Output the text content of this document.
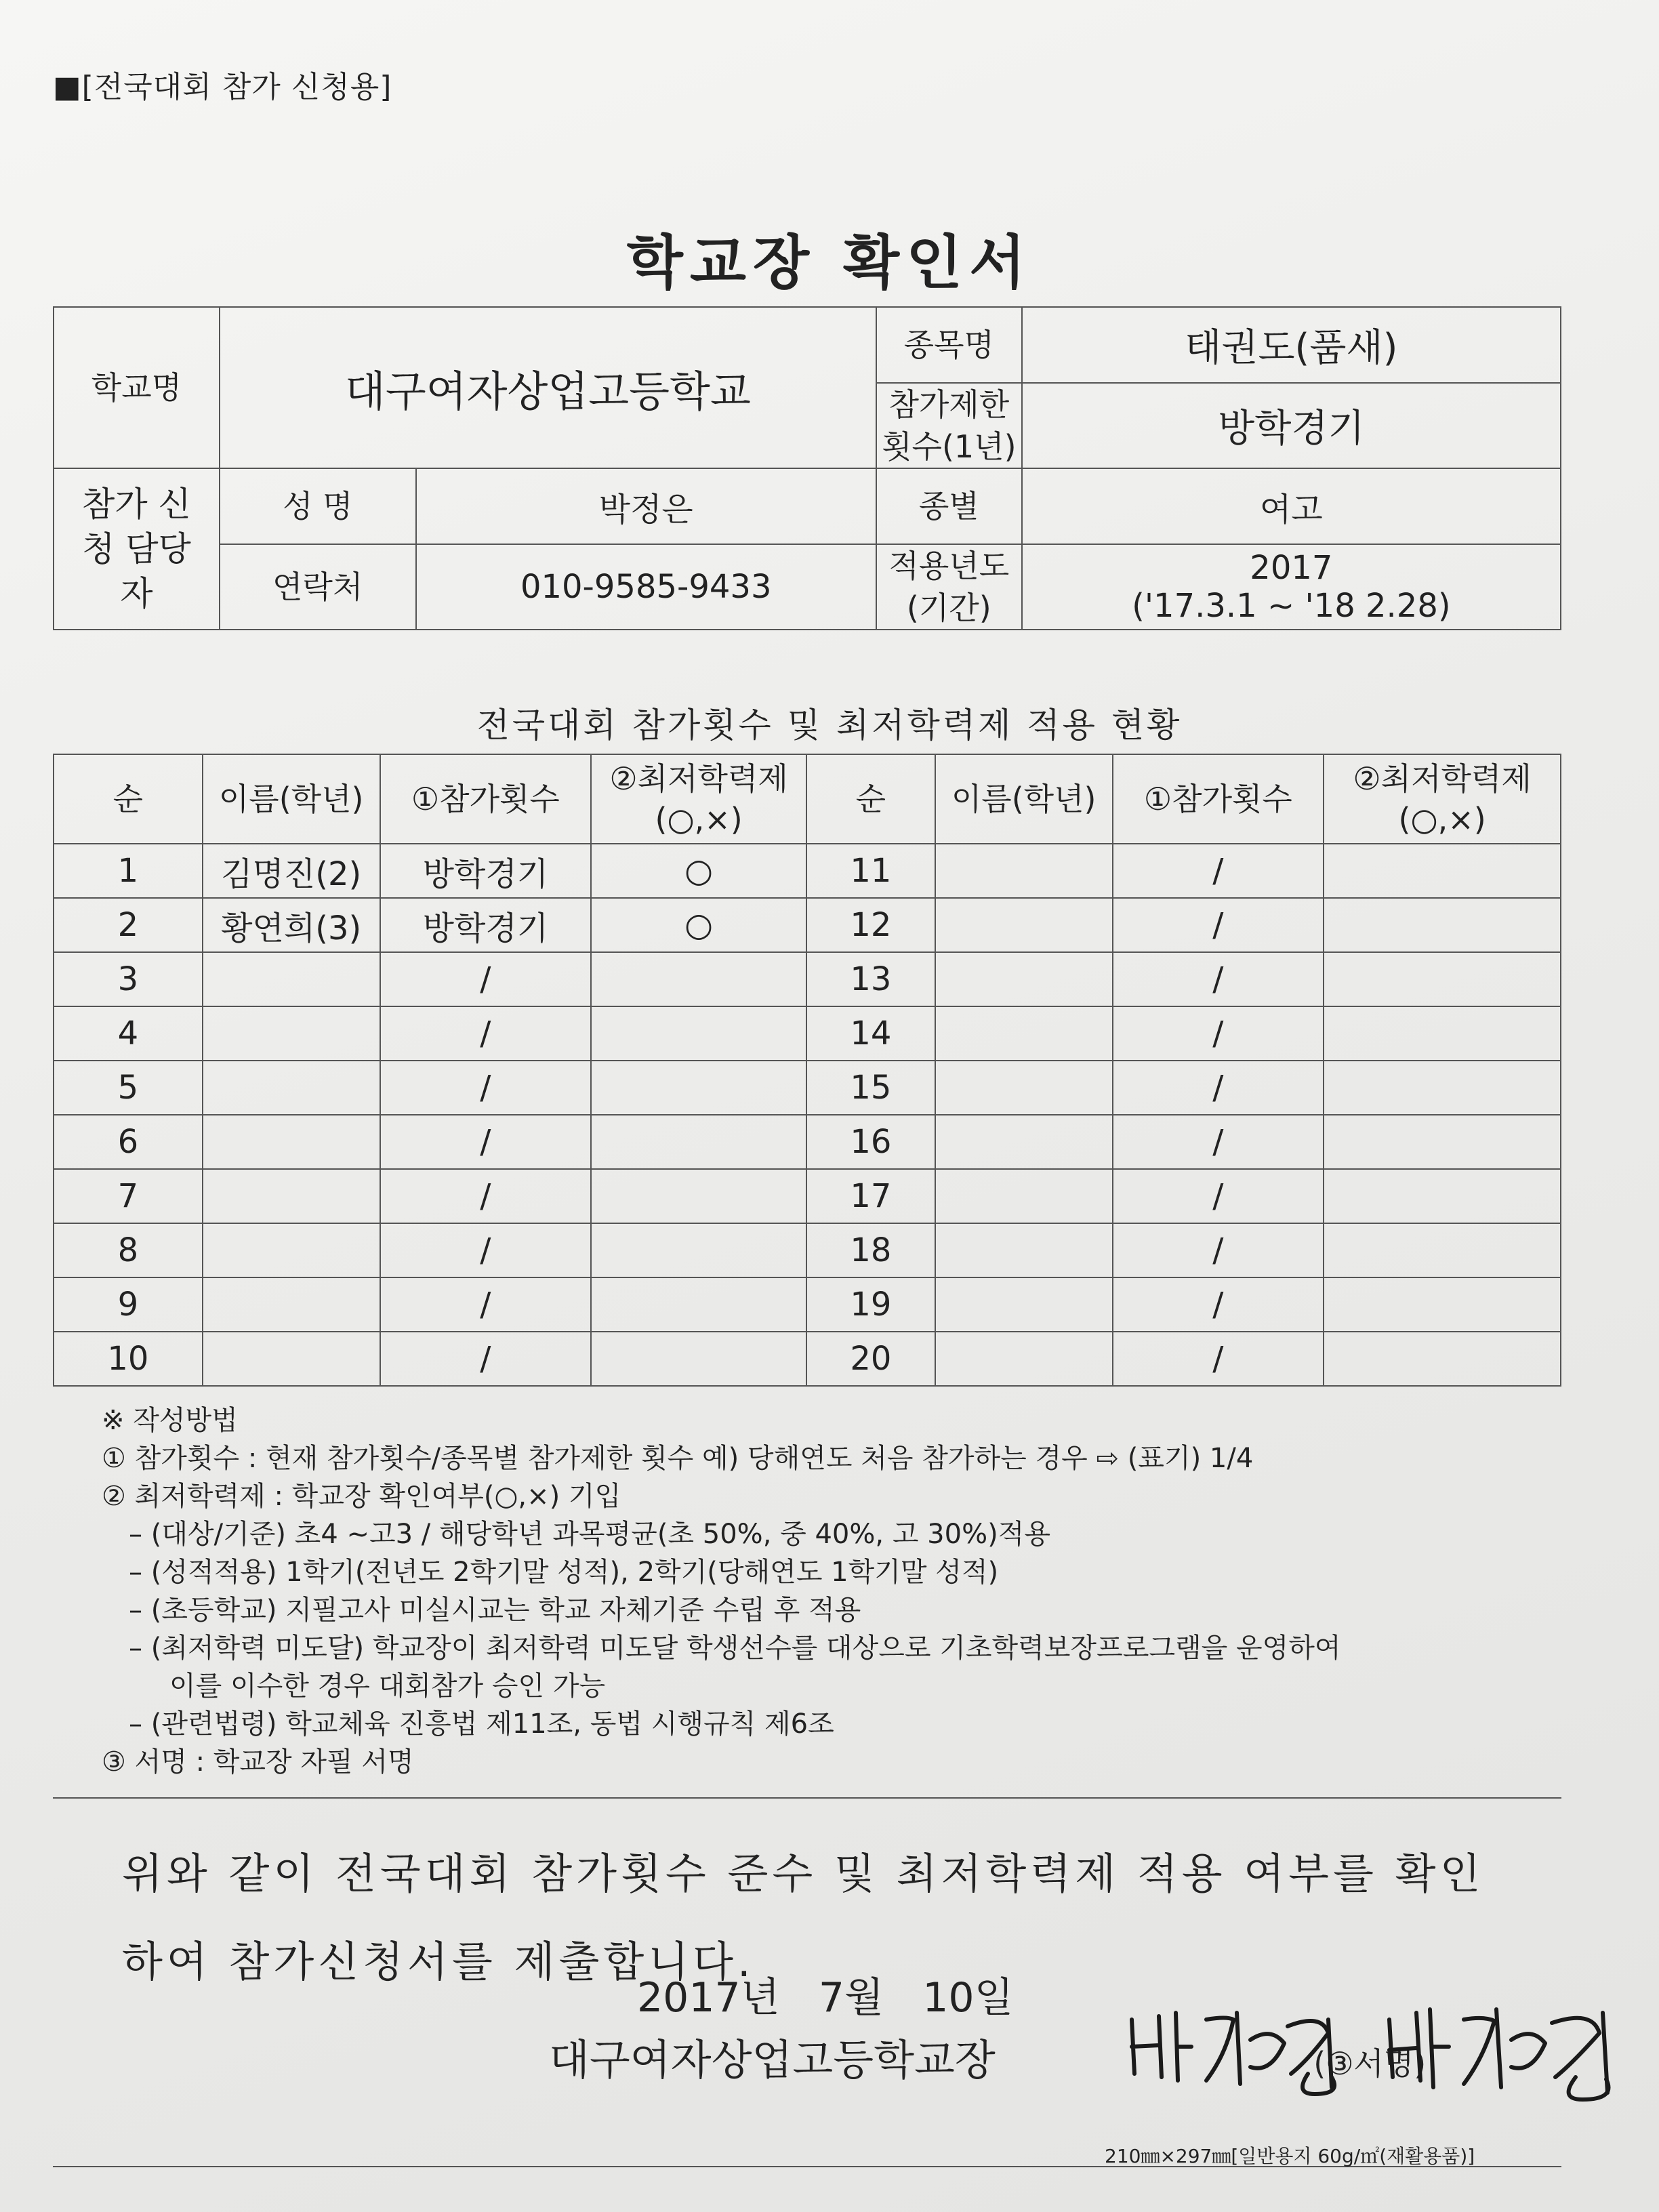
■[전국대회 참가 신청용]
학교장 확인서
학교명	대구여자상업고등학교		종목명	태권도(품새)
			참가제한 횟수(1년)	방학경기
참가 신청 담당자	성 명	박정은	종별	여고
	연락처	010-9585-9433	적용년도 (기간)	2017
('17.3.1 ~ '18 2.28)
전국대회 참가횟수 및 최저학력제 적용 현황
순	이름(학년)	①참가횟수	②최저학력제 (○,×)	순	이름(학년)	①참가횟수	②최저학력제 (○,×)
1	김명진(2)	방학경기	○	11		/	
2	황연희(3)	방학경기	○	12		/	
3		/		13		/	
4		/		14		/	
5		/		15		/	
6		/		16		/	
7		/		17		/	
8		/		18		/	
9		/		19		/	
10		/		20		/	
※ 작성방법
① 참가횟수 : 현재 참가횟수/종목별 참가제한 횟수 예) 당해연도 처음 참가하는 경우 ⇨ (표기) 1/4
② 최저학력제 : 학교장 확인여부(○,×) 기입
– (대상/기준) 초4 ~고3 / 해당학년 과목평균(초 50%, 중 40%, 고 30%)적용
– (성적적용) 1학기(전년도 2학기말 성적), 2학기(당해연도 1학기말 성적)
– (초등학교) 지필고사 미실시교는 학교 자체기준 수립 후 적용
– (최저학력 미도달) 학교장이 최저학력 미도달 학생선수를 대상으로 기초학력보장프로그램을 운영하여
이를 이수한 경우 대회참가 승인 가능
– (관련법령) 학교체육 진흥법 제11조, 동법 시행규칙 제6조
③ 서명 : 학교장 자필 서명
위와 같이 전국대회 참가횟수 준수 및 최저학력제 적용 여부를 확인하여 참가신청서를 제출합니다.
2017년   7월   10일
대구여자상업고등학교장	(③서명)
210㎜×297㎜[일반용지 60g/㎡(재활용품)]
